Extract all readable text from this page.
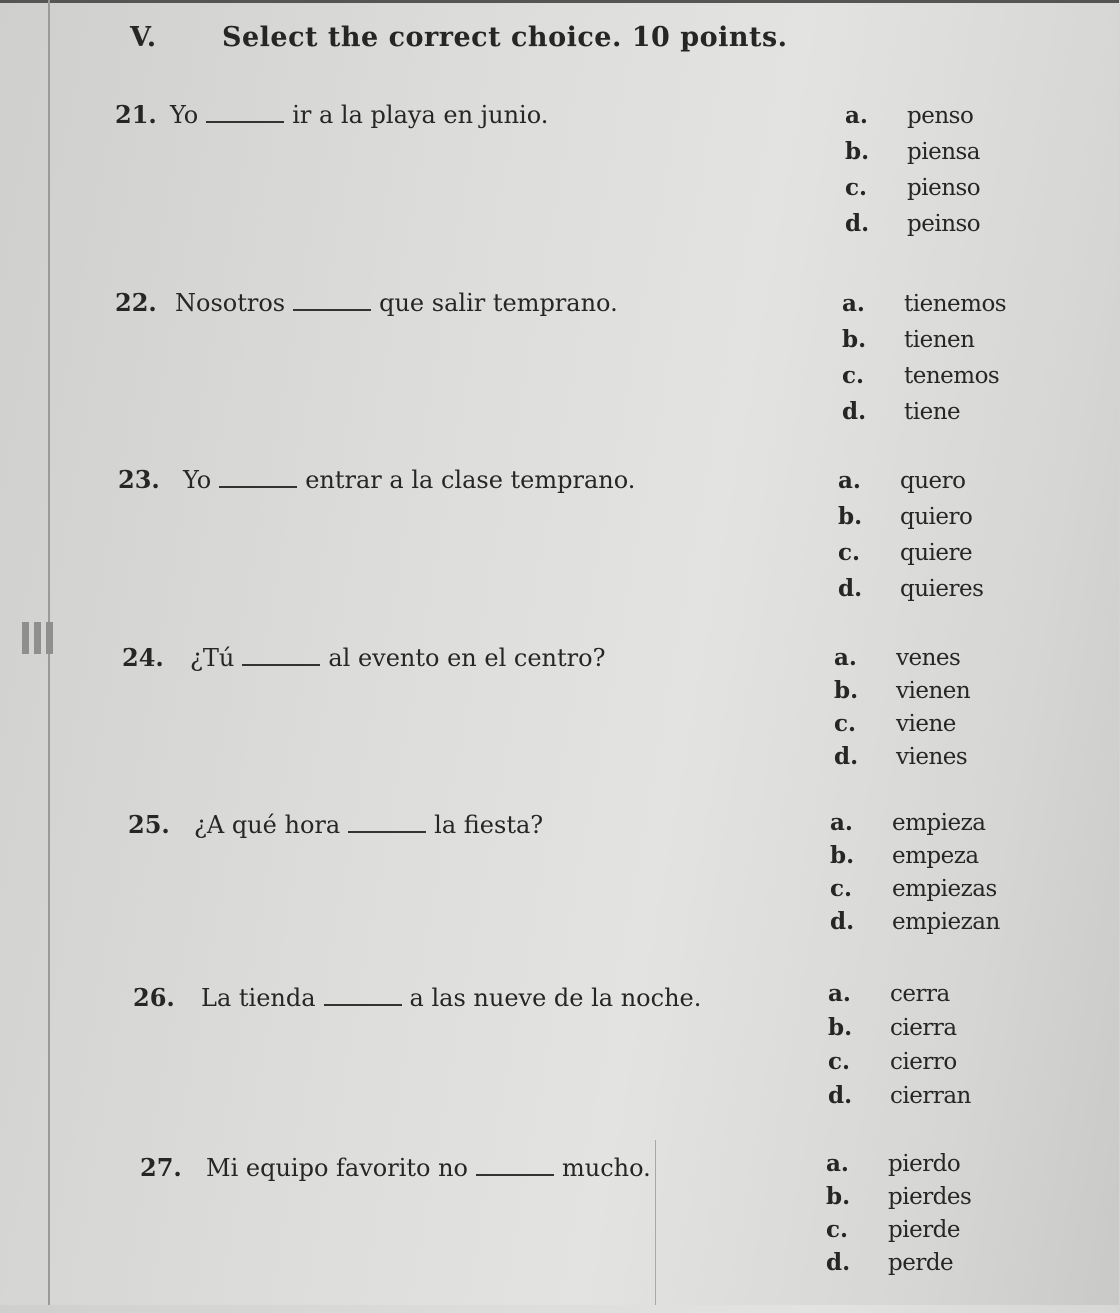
V. Select the correct choice. 10 points.
21. Yo	ir a la playa en junio.	a. penso
b. piensa
c. pienso
d. peinso
22. Nosotros	que salir temprano.	a. tienemos
b. tienen
c. tenemos
d. tiene
23. Yo	entrar a la clase temprano.	a. quero
b. quiero
c. quiere
d. quieres
24. ¿Tú	al evento en el centro?	a. venes
b. vienen
c. viene
d. vienes
25. ¿A qué hora	la fiesta?	a. empieza
b. empeza
c. empiezas
d. empiezan
26. La tienda	a las nueve de la noche.	a. cerra
b. cierra
c. cierro
d. cierran
27. Mi equipo favorito no	mucho.	a. pierdo
b. pierdes
c. pierde
d. perde
